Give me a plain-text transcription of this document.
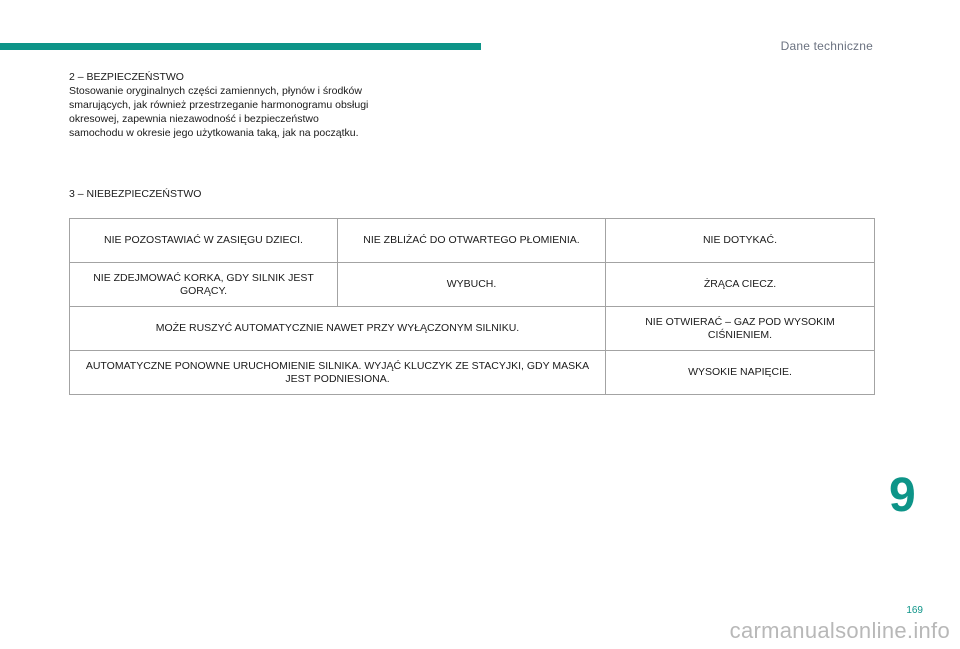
Dane techniczne
2 – BEZPIECZEŃSTWO
Stosowanie oryginalnych części zamiennych, płynów i środków smarujących, jak również przestrzeganie harmonogramu obsługi okresowej, zapewnia niezawodność i bezpieczeństwo samochodu w okresie jego użytkowania taką, jak na początku.
3 – NIEBEZPIECZEŃSTWO
NIE POZOSTAWIAĆ W ZASIĘGU DZIECI.	NIE ZBLIŻAĆ DO OTWARTEGO PŁOMIENIA.	NIE DOTYKAĆ.
NIE ZDEJMOWAĆ KORKA, GDY SILNIK JEST GORĄCY.	WYBUCH.	ŻRĄCA CIECZ.
MOŻE RUSZYĆ AUTOMATYCZNIE NAWET PRZY WYŁĄCZONYM SILNIKU.		NIE OTWIERAĆ – GAZ POD WYSOKIM CIŚNIENIEM.
AUTOMATYCZNE PONOWNE URUCHOMIENIE SILNIKA. WYJĄĆ KLUCZYK ZE STACYJKI, GDY MASKA JEST PODNIESIONA.		WYSOKIE NAPIĘCIE.
9
169
carmanualsonline.info
